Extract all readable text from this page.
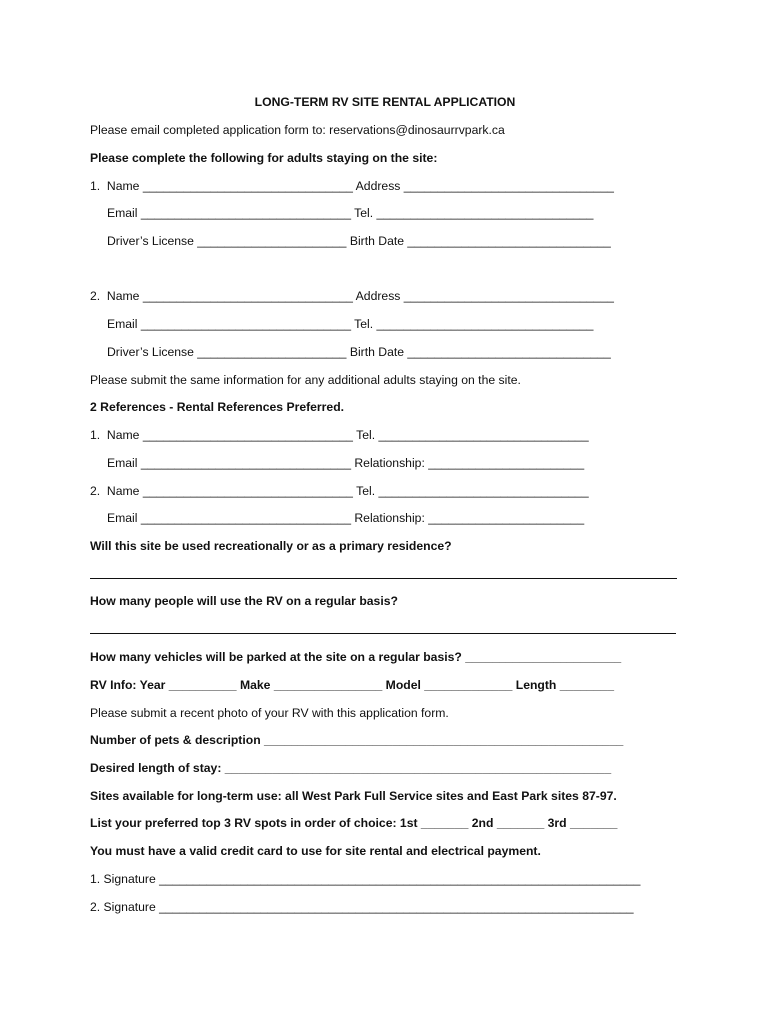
LONG-TERM RV SITE RENTAL APPLICATION
Please email completed application form to: reservations@dinosaurrvpark.ca
Please complete the following for adults staying on the site:
1.  Name _______________________________ Address _______________________________
Email _______________________________ Tel. ________________________________
Driver’s License ______________________ Birth Date ______________________________
2.  Name _______________________________ Address _______________________________
Email _______________________________ Tel. ________________________________
Driver’s License ______________________ Birth Date ______________________________
Please submit the same information for any additional adults staying on the site.
2 References - Rental References Preferred.
1.  Name _______________________________ Tel. _______________________________
Email _______________________________ Relationship: _______________________
2.  Name _______________________________ Tel. _______________________________
Email _______________________________ Relationship: _______________________
Will this site be used recreationally or as a primary residence?
How many people will use the RV on a regular basis?
How many vehicles will be parked at the site on a regular basis? _______________________
RV Info: Year __________ Make ________________ Model _____________ Length ________
Please submit a recent photo of your RV with this application form.
Number of pets & description _____________________________________________________
Desired length of stay: _________________________________________________________
Sites available for long-term use: all West Park Full Service sites and East Park sites 87-97.
List your preferred top 3 RV spots in order of choice: 1st _______ 2nd _______ 3rd _______
You must have a valid credit card to use for site rental and electrical payment.
1. Signature _______________________________________________________________________
2. Signature ______________________________________________________________________
